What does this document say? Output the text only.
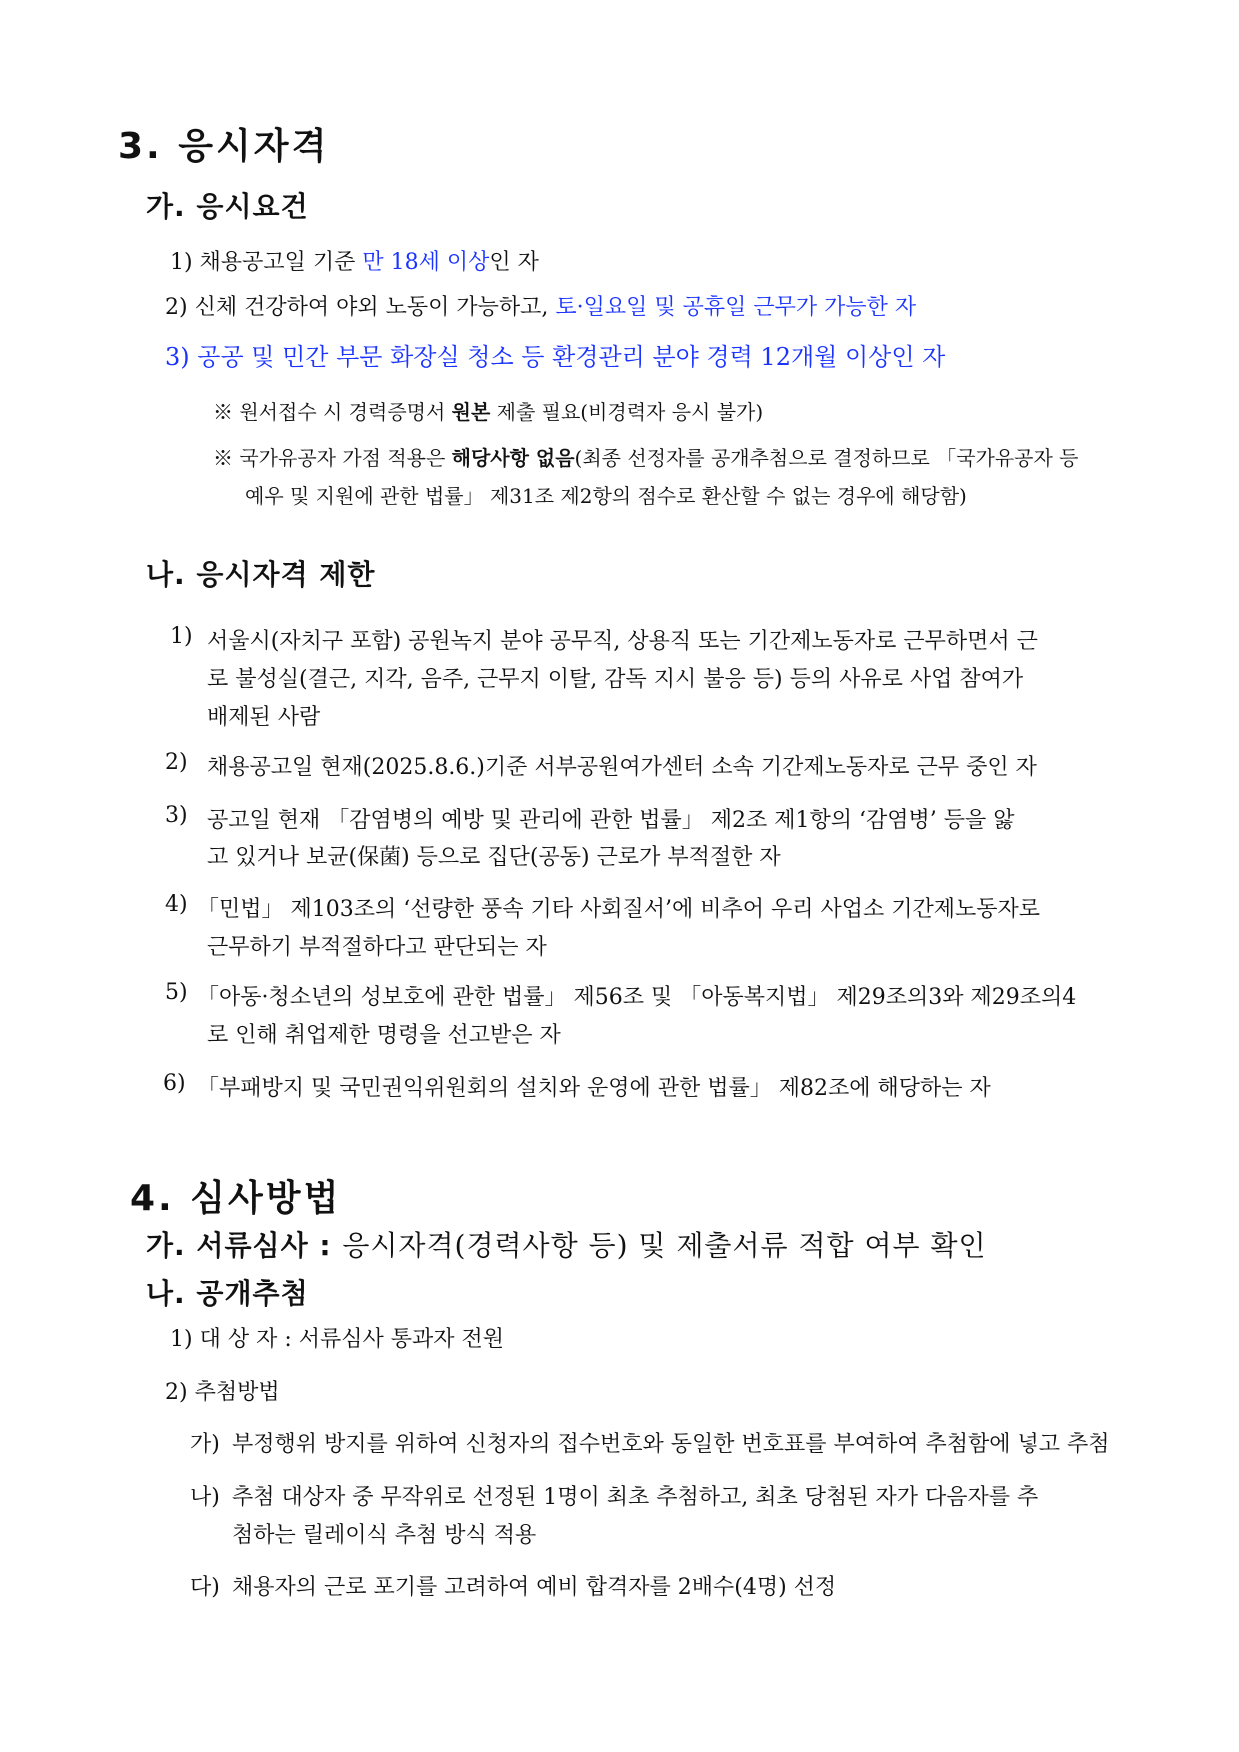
3. 응시자격
가. 응시요건
1) 채용공고일 기준 만 18세 이상인 자
2) 신체 건강하여 야외 노동이 가능하고, 토·일요일 및 공휴일 근무가 가능한 자
3) 공공 및 민간 부문 화장실 청소 등 환경관리 분야 경력 12개월 이상인 자
※ 원서접수 시 경력증명서 원본 제출 필요(비경력자 응시 불가)
※ 국가유공자 가점 적용은 해당사항 없음(최종 선정자를 공개추첨으로 결정하므로 「국가유공자 등
예우 및 지원에 관한 법률」 제31조 제2항의 점수로 환산할 수 없는 경우에 해당함)
나. 응시자격 제한
1) 서울시(자치구 포함) 공원녹지 분야 공무직, 상용직 또는 기간제노동자로 근무하면서 근
로 불성실(결근, 지각, 음주, 근무지 이탈, 감독 지시 불응 등) 등의 사유로 사업 참여가
배제된 사람
2) 채용공고일 현재(2025.8.6.)기준 서부공원여가센터 소속 기간제노동자로 근무 중인 자
3) 공고일 현재 「감염병의 예방 및 관리에 관한 법률」 제2조 제1항의 ‘감염병’ 등을 앓
고 있거나 보균(保菌) 등으로 집단(공동) 근로가 부적절한 자
4) 「민법」 제103조의 ‘선량한 풍속 기타 사회질서’에 비추어 우리 사업소 기간제노동자로
근무하기 부적절하다고 판단되는 자
5) 「아동·청소년의 성보호에 관한 법률」 제56조 및 「아동복지법」 제29조의3와 제29조의4
로 인해 취업제한 명령을 선고받은 자
6) 「부패방지 및 국민권익위원회의 설치와 운영에 관한 법률」 제82조에 해당하는 자
4. 심사방법
가. 서류심사 : 응시자격(경력사항 등) 및 제출서류 적합 여부 확인
나. 공개추첨
1) 대 상 자 : 서류심사 통과자 전원
2) 추첨방법
가) 부정행위 방지를 위하여 신청자의 접수번호와 동일한 번호표를 부여하여 추첨함에 넣고 추첨
나) 추첨 대상자 중 무작위로 선정된 1명이 최초 추첨하고, 최초 당첨된 자가 다음자를 추
첨하는 릴레이식 추첨 방식 적용
다) 채용자의 근로 포기를 고려하여 예비 합격자를 2배수(4명) 선정
